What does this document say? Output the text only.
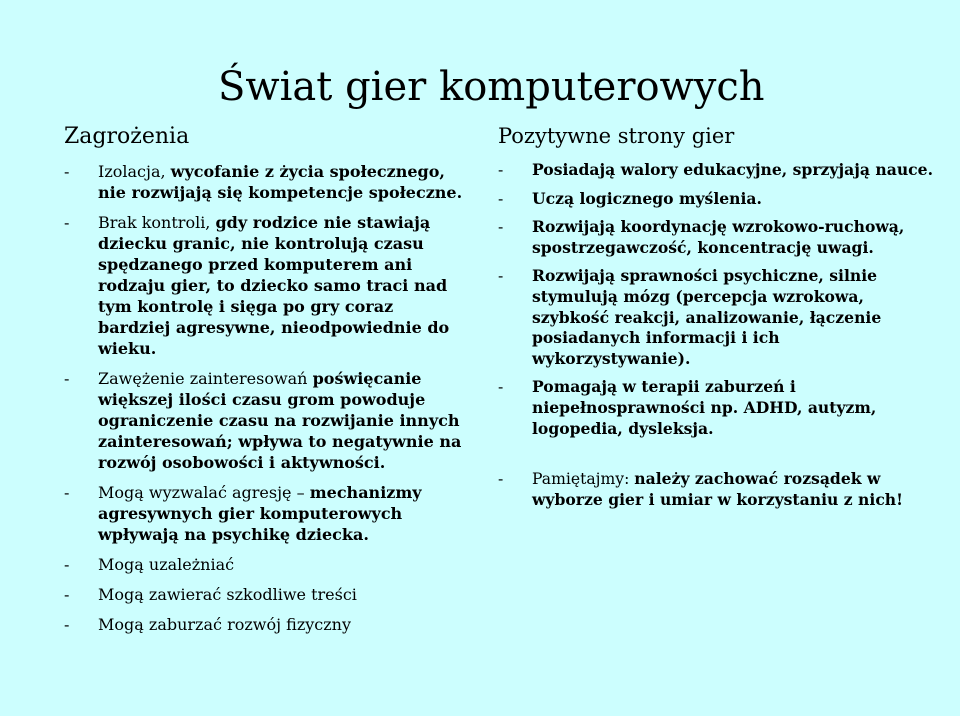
Świat gier komputerowych
Zagrożenia
- Izolacja, wycofanie z życia społecznego, nie rozwijają się kompetencje społeczne.
- Brak kontroli, gdy rodzice nie stawiają dziecku granic, nie kontrolują czasu spędzanego przed komputerem ani rodzaju gier, to dziecko samo traci nad tym kontrolę i sięga po gry coraz bardziej agresywne, nieodpowiednie do wieku.
- Zawężenie zainteresowań poświęcanie większej ilości czasu grom powoduje ograniczenie czasu na rozwijanie innych zainteresowań; wpływa to negatywnie na rozwój osobowości i aktywności.
- Mogą wyzwalać agresję – mechanizmy agresywnych gier komputerowych wpływają na psychikę dziecka.
- Mogą uzależniać
- Mogą zawierać szkodliwe treści
- Mogą zaburzać rozwój fizyczny
Pozytywne strony gier
- Posiadają walory edukacyjne, sprzyjają nauce.
- Uczą logicznego myślenia.
- Rozwijają koordynację wzrokowo-ruchową, spostrzegawczość, koncentrację uwagi.
- Rozwijają sprawności psychiczne, silnie stymulują mózg (percepcja wzrokowa, szybkość reakcji, analizowanie, łączenie posiadanych informacji i ich wykorzystywanie).
- Pomagają w terapii zaburzeń i niepełnosprawności np. ADHD, autyzm, logopedia, dysleksja.
- Pamiętajmy: należy zachować rozsądek w wyborze gier i umiar w korzystaniu z nich!
